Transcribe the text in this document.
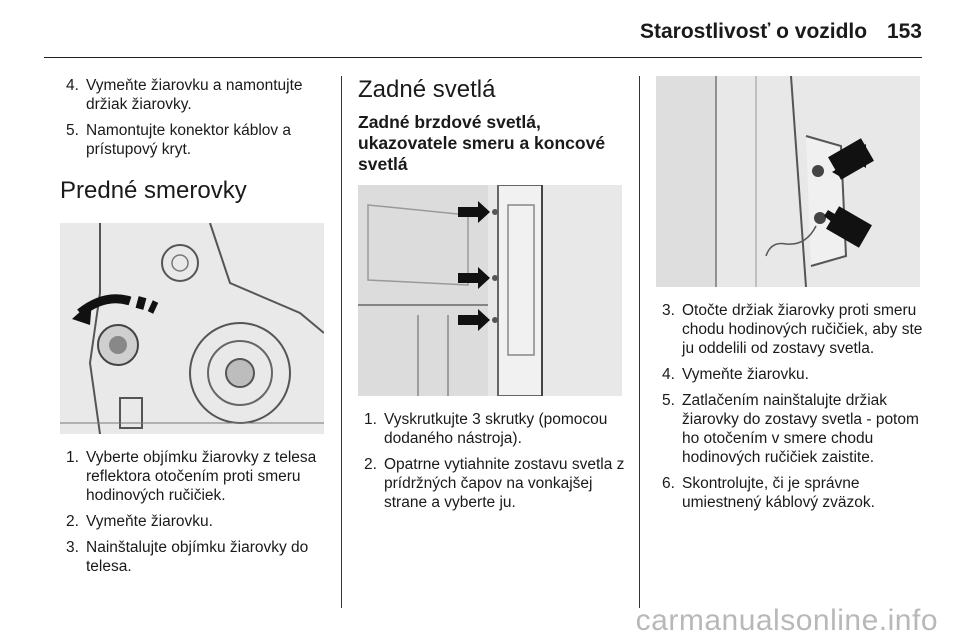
Starostlivosť o vozidlo 153
4. Vymeňte žiarovku a namontujte držiak žiarovky.
5. Namontujte konektor káblov a prístupový kryt.
Predné smerovky
1. Vyberte objímku žiarovky z telesa reflektora otočením proti smeru hodinových ručičiek.
2. Vymeňte žiarovku.
3. Nainštalujte objímku žiarovky do telesa.
Zadné svetlá
Zadné brzdové svetlá, ukazovatele smeru a koncové svetlá
1. Vyskrutkujte 3 skrutky (pomocou dodaného nástroja).
2. Opatrne vytiahnite zostavu svetla z prídržných čapov na vonkajšej strane a vyberte ju.
3. Otočte držiak žiarovky proti smeru chodu hodinových ručičiek, aby ste ju oddelili od zostavy svetla.
4. Vymeňte žiarovku.
5. Zatlačením nainštalujte držiak žiarovky do zostavy svetla - potom ho otočením v smere chodu hodinových ručičiek zaistite.
6. Skontrolujte, či je správne umiestnený káblový zväzok.
carmanualsonline.info
